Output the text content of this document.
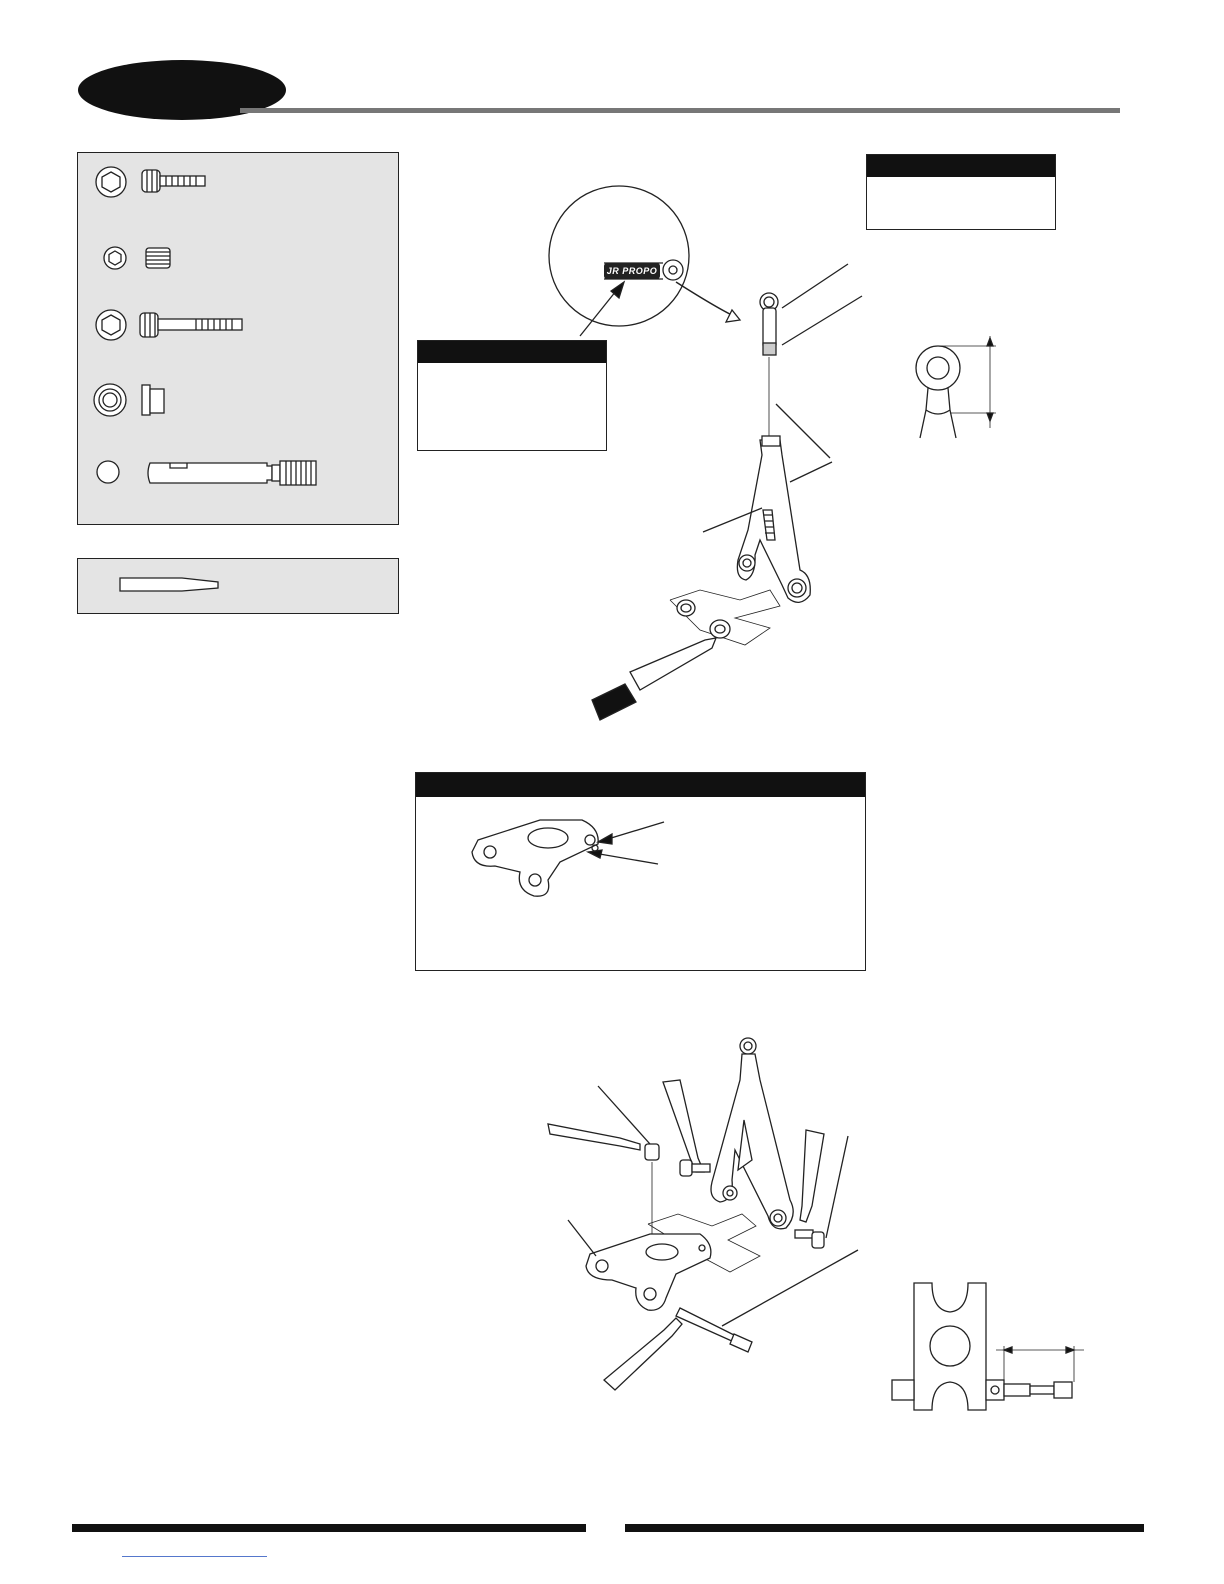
JR PROPO
